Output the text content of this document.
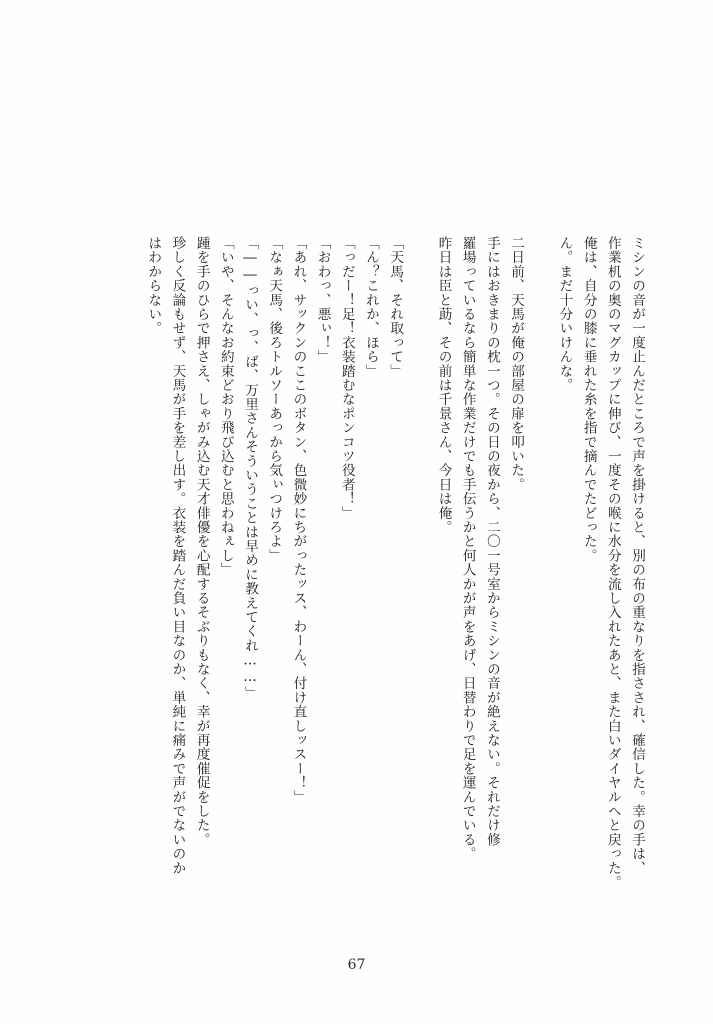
ミシンの音が一度止んだところで声を掛けると、別の布の重なりを指さされ、確信した。幸の手は、
作業机の奥のマグカップに伸び、一度その喉に水分を流し入れたあと、また白いダイヤルへと戻った。
俺は、自分の膝に垂れた糸を指で摘んでたどった。
ん。まだ十分いけんな。
二日前、天馬が俺の部屋の扉を叩いた。
手にはおきまりの枕一つ。その日の夜から、二〇一号室からミシンの音が絶えない。それだけ修
羅場っているなら簡単な作業だけでも手伝うかと何人かが声をあげ、日替わりで足を運んでいる。
昨日は臣と莇、その前は千景さん、今日は俺。
「天馬、それ取って」
「ん？これか、ほら」
「っだー！足！衣装踏むなポンコツ役者！」
「おわっ、悪ぃ！」
「あれ、サックンのここのボタン、色微妙にちがったッス、わーん、付け直しッスー！」
「なぁ天馬、後ろトルソーあっから気ぃつけろよ」
「――っい、っ、ば、万里さんそういうことは早めに教えてくれ……」
「いや、そんなお約束どおり飛び込むと思わねぇし」
踵を手のひらで押さえ、しゃがみ込む天才俳優を心配するそぶりもなく、幸が再度催促をした。
珍しく反論もせず、天馬が手を差し出す。衣装を踏んだ負い目なのか、単純に痛みで声がでないのか
はわからない。
67
